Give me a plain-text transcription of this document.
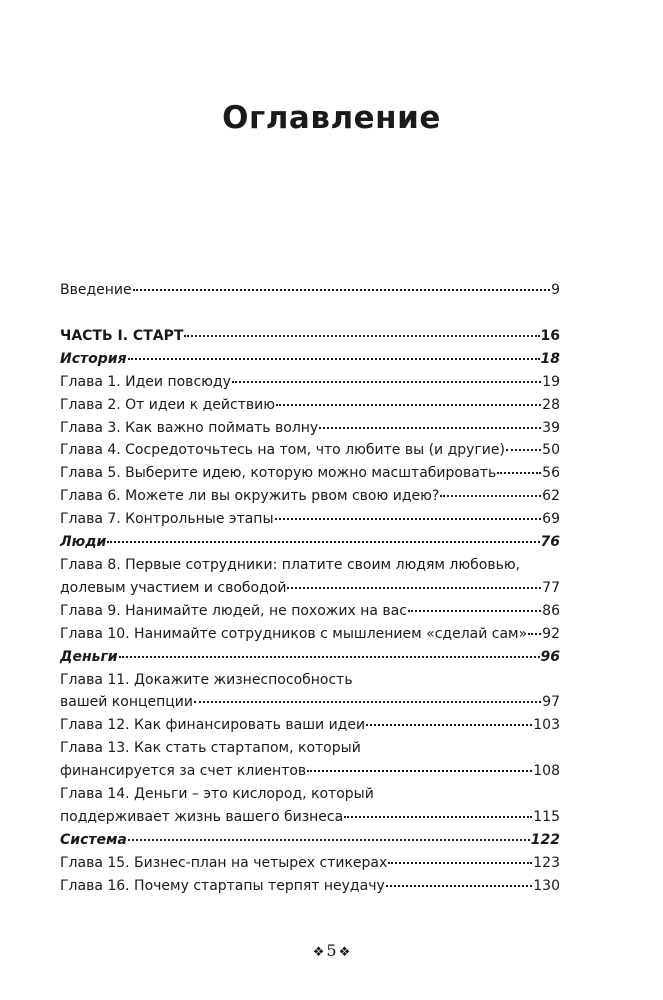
Оглавление
Введение	9
ЧАСТЬ I. СТАРТ	16
История	18
Глава 1. Идеи повсюду	19
Глава 2. От идеи к действию	28
Глава 3. Как важно поймать волну	39
Глава 4. Сосредоточьтесь на том, что любите вы (и другие)	50
Глава 5. Выберите идею, которую можно масштабировать	56
Глава 6. Можете ли вы окружить рвом свою идею?	62
Глава 7. Контрольные этапы	69
Люди	76
Глава 8. Первые сотрудники: платите своим людям любовью,
долевым участием и свободой	77
Глава 9. Нанимайте людей, не похожих на вас	86
Глава 10. Нанимайте сотрудников с мышлением «сделай сам» 92
Деньги	96
Глава 11. Докажите жизнеспособность
вашей концепции	97
Глава 12. Как финансировать ваши идеи	103
Глава 13. Как стать стартапом, который
финансируется за счет клиентов	108
Глава 14. Деньги – это кислород, который
поддерживает жизнь вашего бизнеса	115
Система	122
Глава 15. Бизнес-план на четырех стикерах	123
Глава 16. Почему стартапы терпят неудачу	130
❖ 5 ❖
